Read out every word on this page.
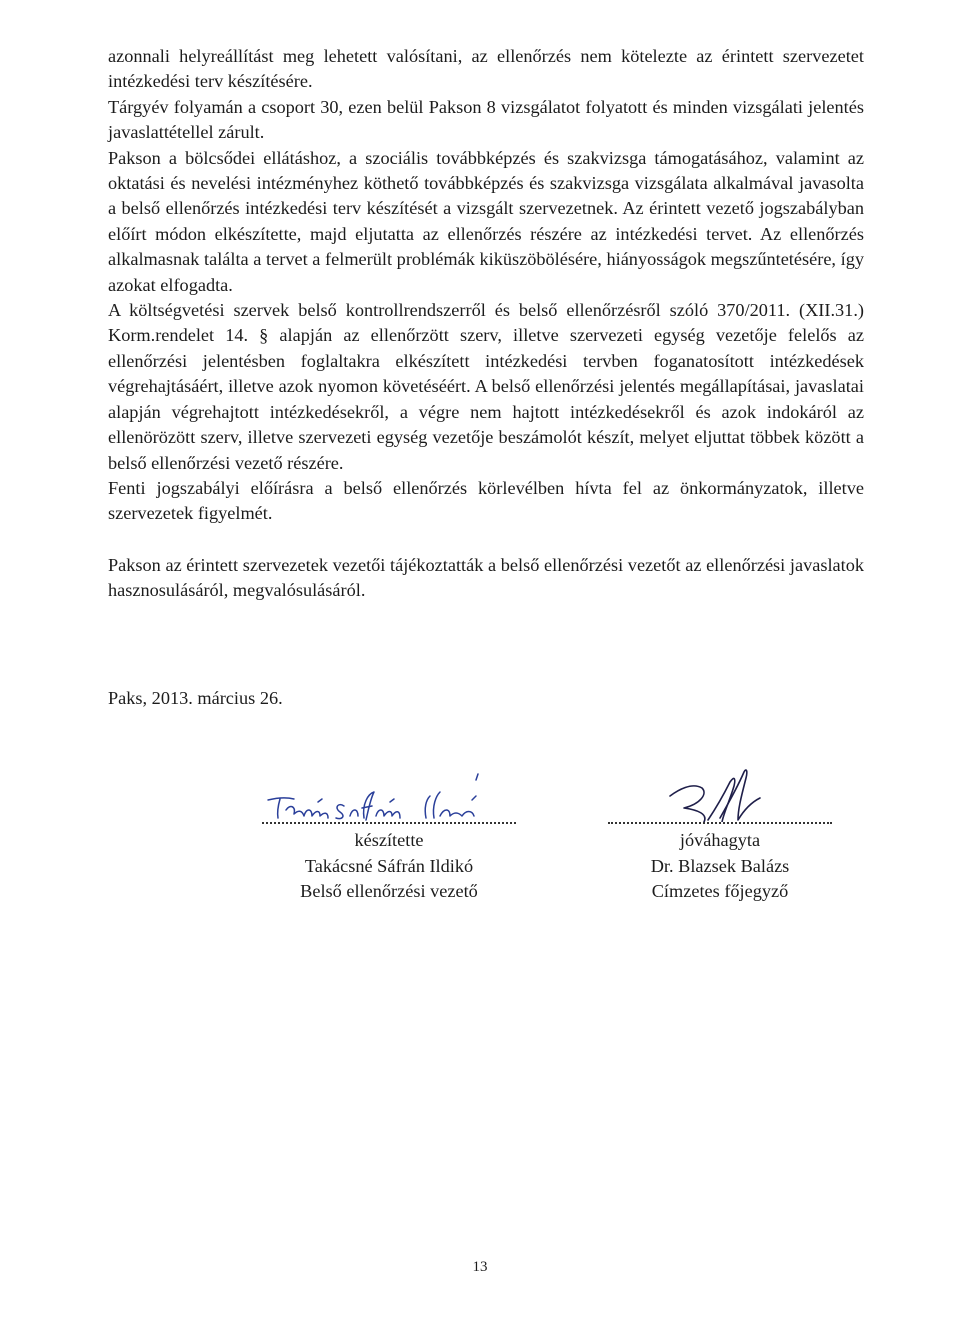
azonnali helyreállítást meg lehetett valósítani, az ellenőrzés nem kötelezte az érintett szervezetet intézkedési terv készítésére.

Tárgyév folyamán a csoport 30, ezen belül Pakson 8 vizsgálatot folyatott és minden vizsgálati jelentés javaslattétellel zárult.

Pakson a bölcsődei ellátáshoz, a szociális továbbképzés és szakvizsga támogatásához, valamint az oktatási és nevelési intézményhez köthető továbbképzés és szakvizsga vizsgálata alkalmával javasolta a belső ellenőrzés intézkedési terv készítését a vizsgált szervezetnek. Az érintett vezető jogszabályban előírt módon elkészítette, majd eljutatta az ellenőrzés részére az intézkedési tervet. Az ellenőrzés alkalmasnak találta a tervet a felmerült problémák kiküszöbölésére, hiányosságok megszűntetésére, így azokat elfogadta.

A költségvetési szervek belső kontrollrendszerről és belső ellenőrzésről szóló 370/2011. (XII.31.) Korm.rendelet 14. § alapján az ellenőrzött szerv, illetve szervezeti egység vezetője felelős az ellenőrzési jelentésben foglaltakra elkészített intézkedési tervben foganatosított intézkedések végrehajtásáért, illetve azok nyomon követéséért. A belső ellenőrzési jelentés megállapításai, javaslatai alapján végrehajtott intézkedésekről, a végre nem hajtott intézkedésekről és azok indokáról az ellenörözött szerv, illetve szervezeti egység vezetője beszámolót készít, melyet eljuttat többek között a belső ellenőrzési vezető részére.

Fenti jogszabályi előírásra a belső ellenőrzés körlevélben hívta fel az önkormányzatok, illetve szervezetek figyelmét.

Pakson az érintett szervezetek vezetői tájékoztatták a belső ellenőrzési vezetőt az ellenőrzési javaslatok hasznosulásáról, megvalósulásáról.

Paks, 2013. március 26.
készítette
Takácsné Sáfrán Ildikó
Belső ellenőrzési vezető
jóváhagyta
Dr. Blazsek Balázs
Címzetes főjegyző
13
